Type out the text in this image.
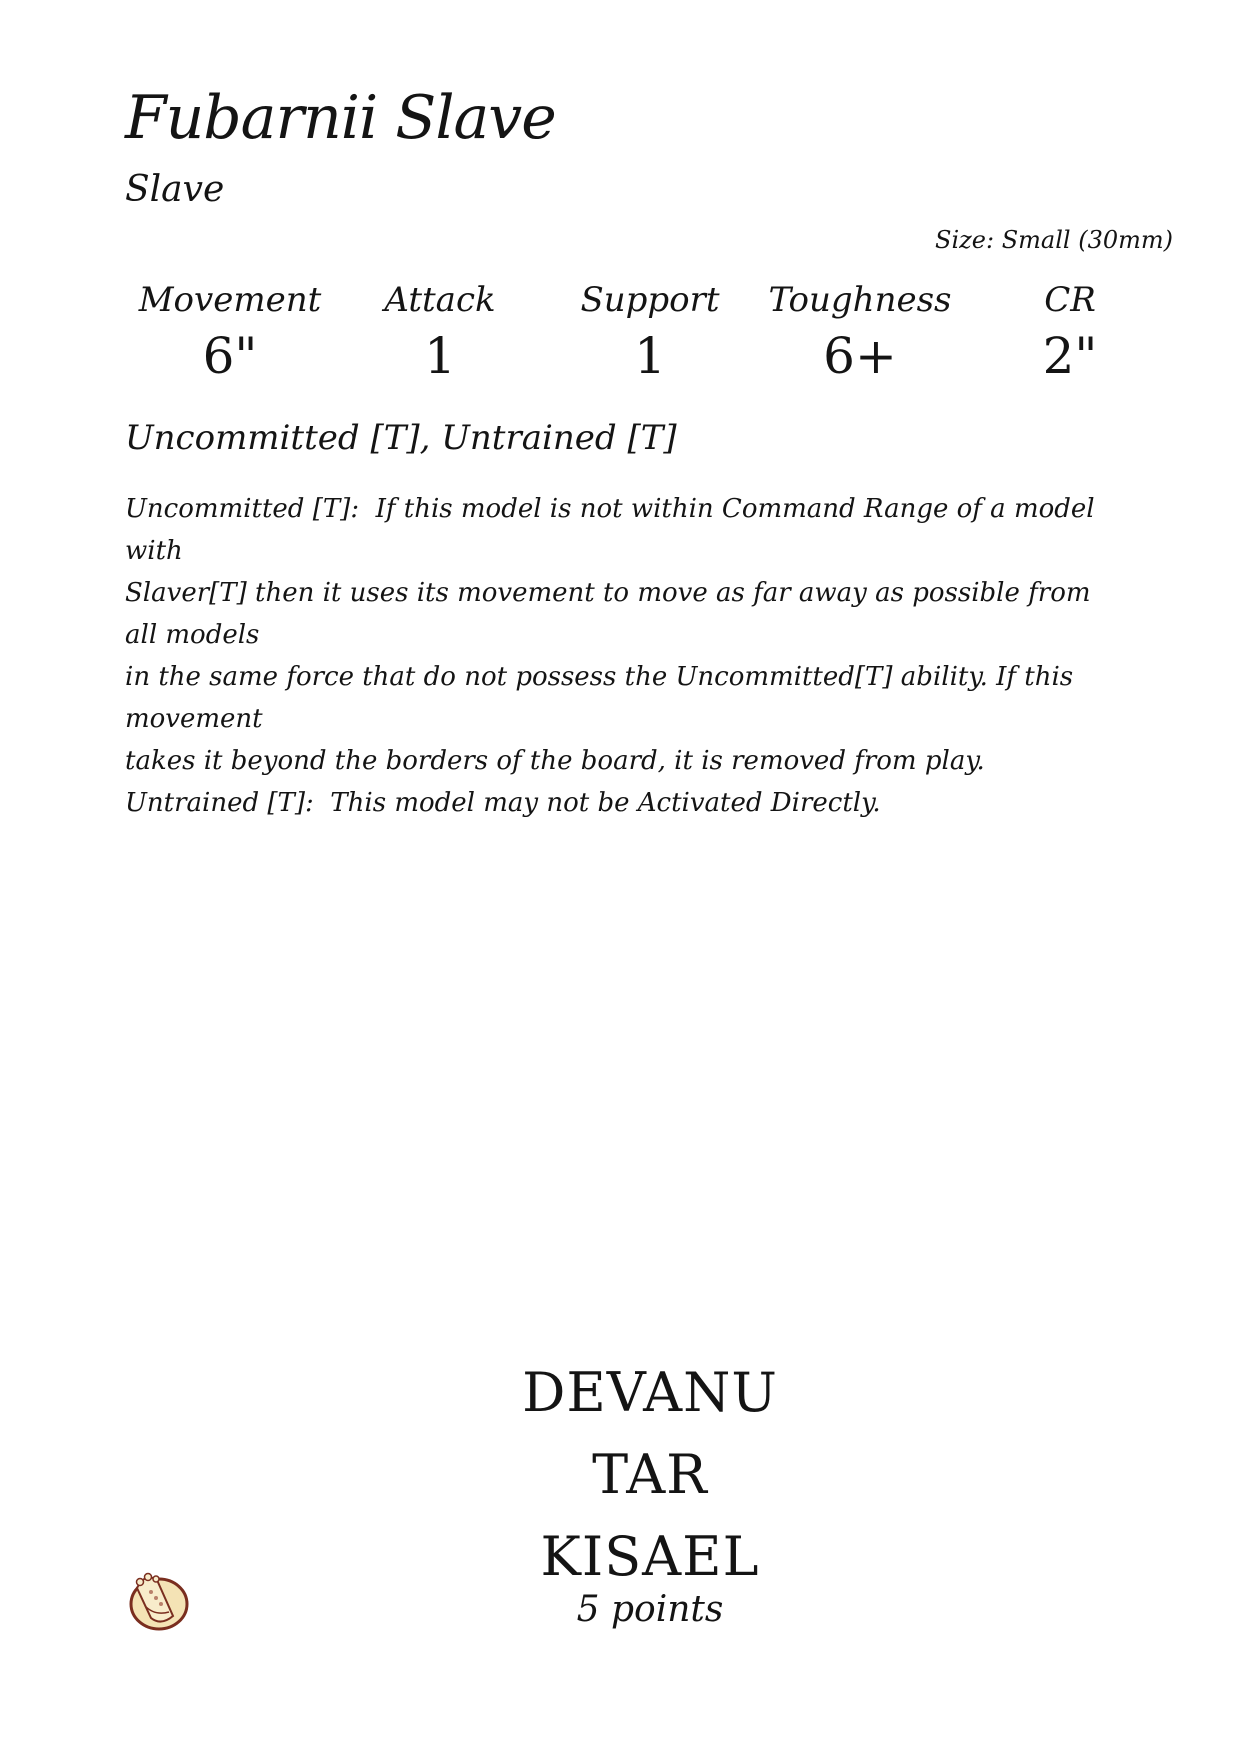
Fubarnii Slave
Slave
Size: Small (30mm)
Movement
6"
Attack
1
Support
1
Toughness
6+
CR
2"
Uncommitted [T], Untrained [T]
Uncommitted [T]:  If this model is not within Command Range of a model with
Slaver[T] then it uses its movement to move as far away as possible from all models
in the same force that do not possess the Uncommitted[T] ability. If this movement
takes it beyond the borders of the board, it is removed from play.
Untrained [T]:  This model may not be Activated Directly.
DEVANU
TAR
KISAEL
5 points
